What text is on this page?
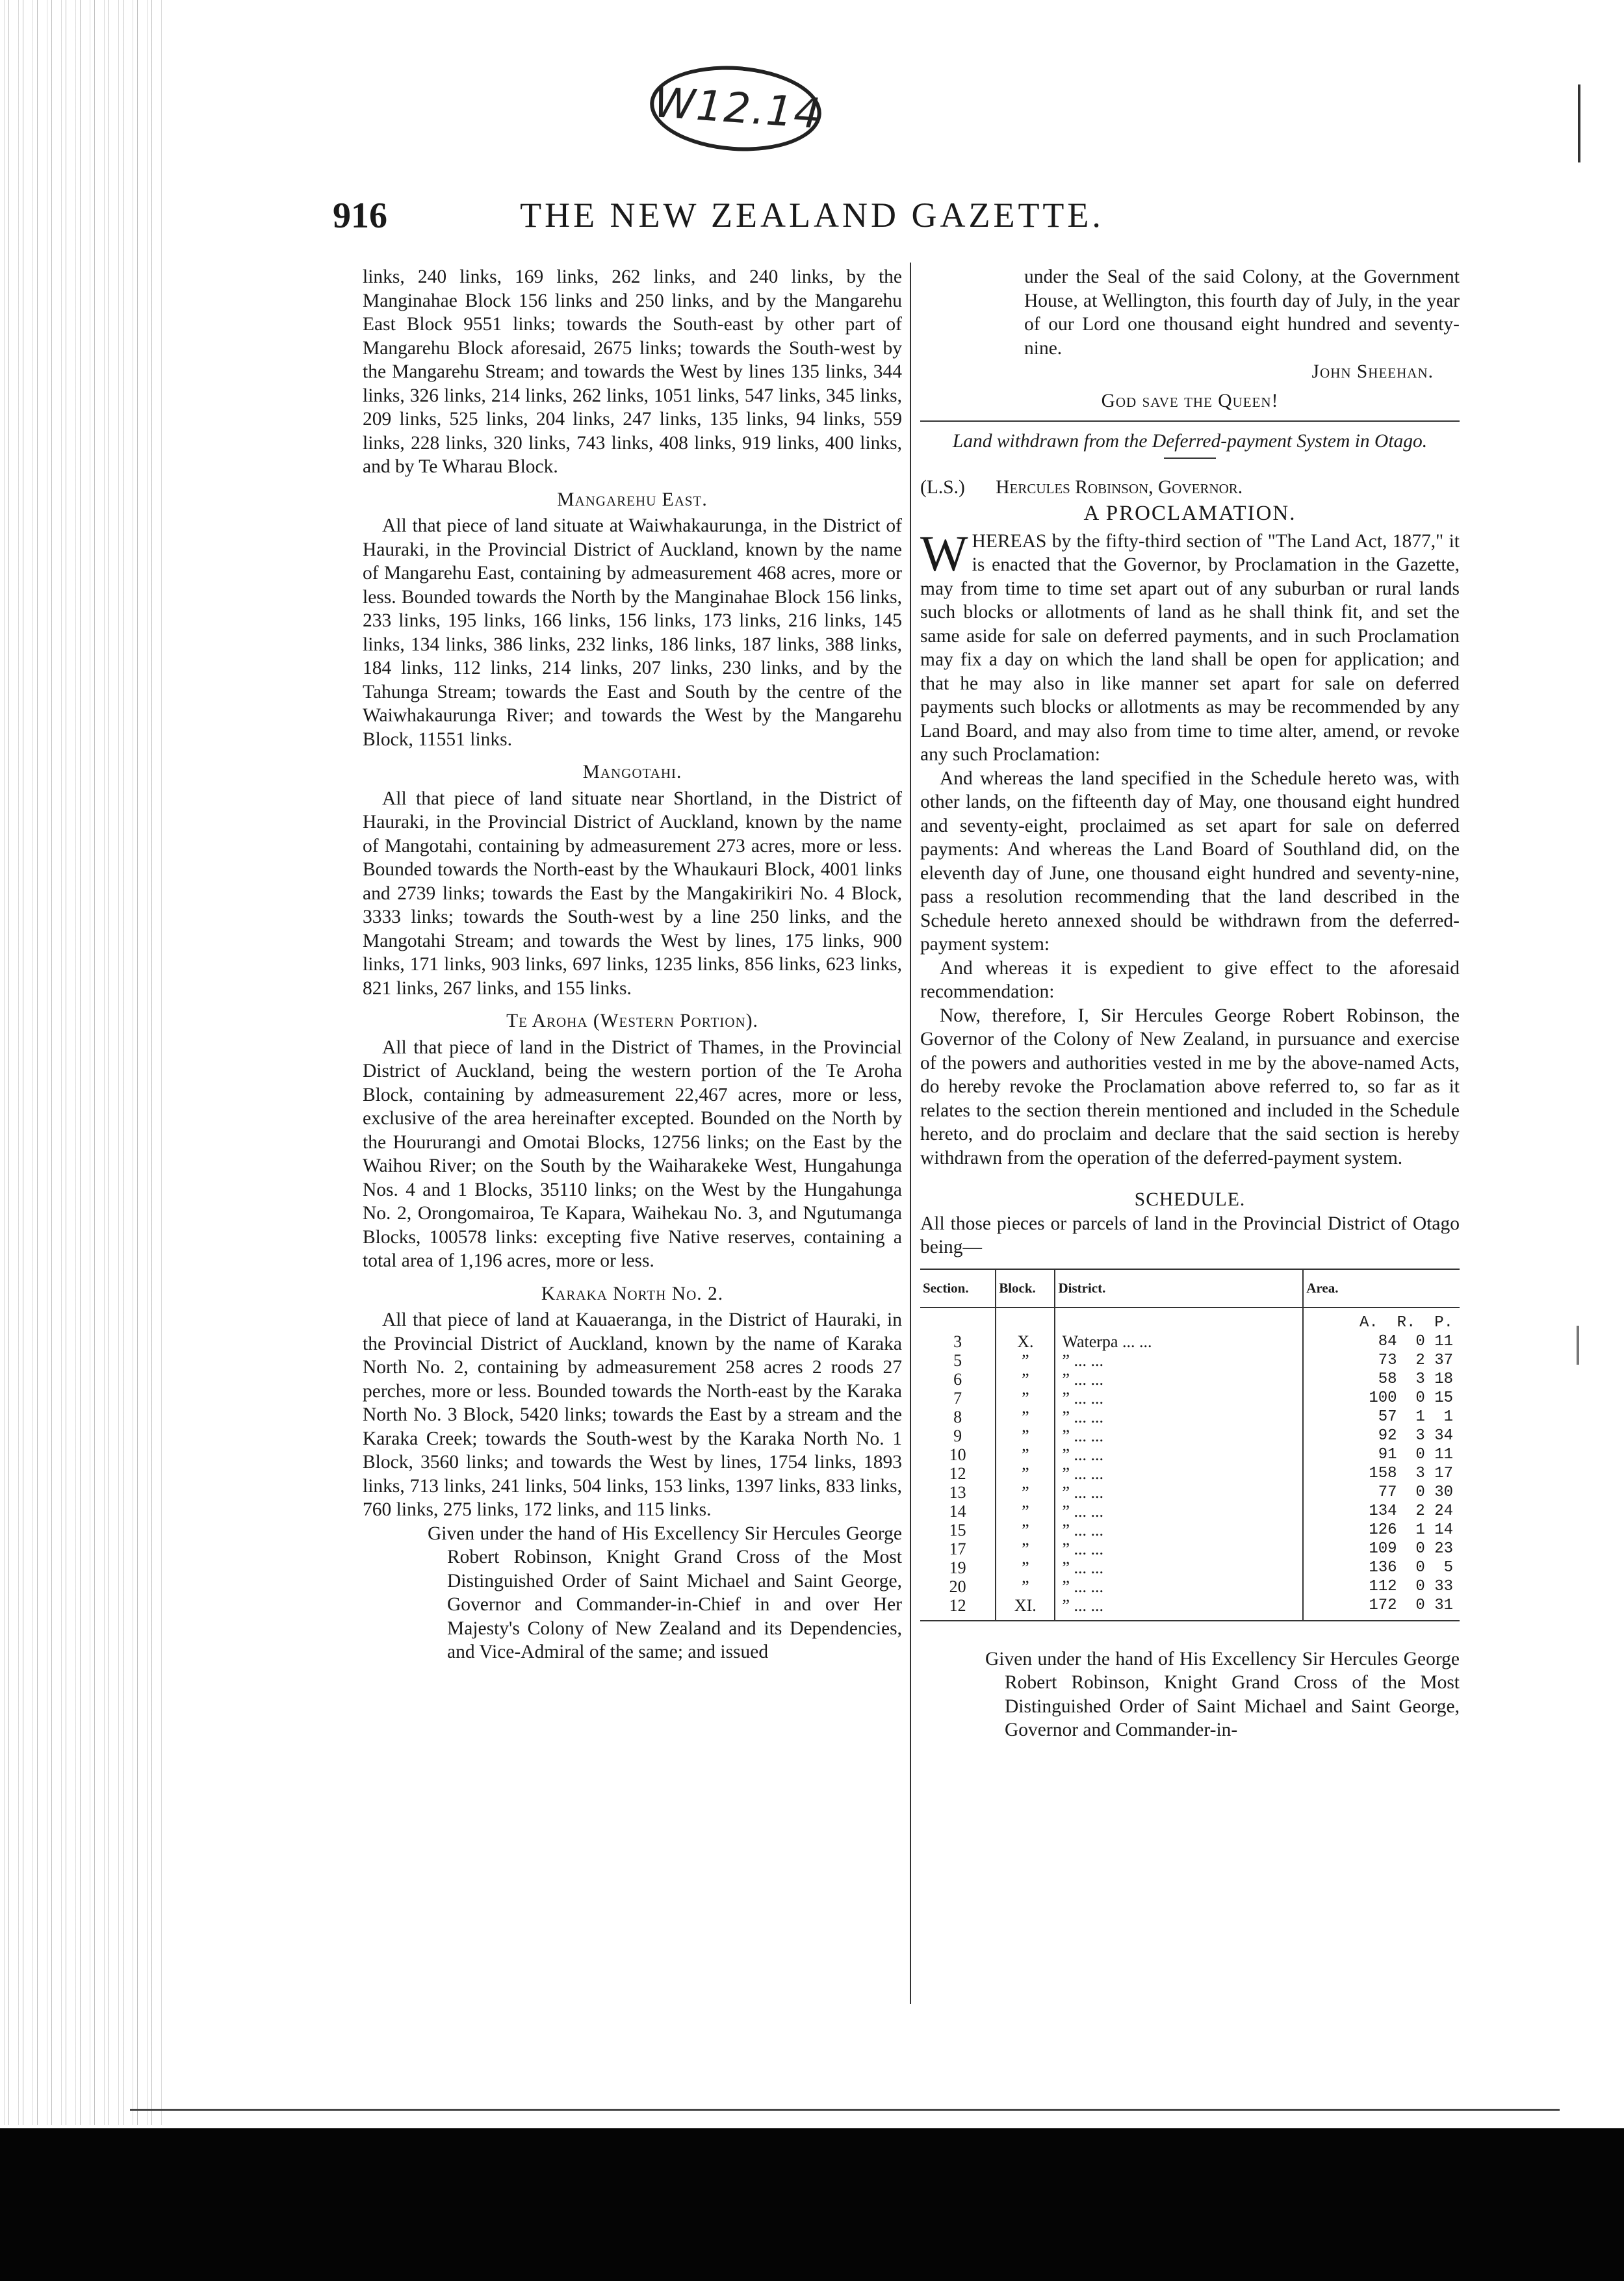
W12.14
THE NEW ZEALAND GAZETTE.
916

links, 240 links, 169 links, 262 links, and 240 links, by the Manginahae Block 156 links and 250 links, and by the Mangarehu East Block 9551 links; towards the South-east by other part of Mangarehu Block aforesaid, 2675 links; towards the South-west by the Mangarehu Stream; and towards the West by lines 135 links, 344 links, 326 links, 214 links, 262 links, 1051 links, 547 links, 345 links, 209 links, 525 links, 204 links, 247 links, 135 links, 94 links, 559 links, 228 links, 320 links, 743 links, 408 links, 919 links, 400 links, and by Te Wharau Block.

Mangarehu East.

All that piece of land situate at Waiwhakaurunga, in the District of Hauraki, in the Provincial District of Auckland, known by the name of Mangarehu East, containing by admeasurement 468 acres, more or less. Bounded towards the North by the Manginahae Block 156 links, 233 links, 195 links, 166 links, 156 links, 173 links, 216 links, 145 links, 134 links, 386 links, 232 links, 186 links, 187 links, 388 links, 184 links, 112 links, 214 links, 207 links, 230 links, and by the Tahunga Stream; towards the East and South by the centre of the Waiwhakaurunga River; and towards the West by the Mangarehu Block, 11551 links.

Mangotahi.

All that piece of land situate near Shortland, in the District of Hauraki, in the Provincial District of Auckland, known by the name of Mangotahi, containing by admeasurement 273 acres, more or less. Bounded towards the North-east by the Whaukauri Block, 4001 links and 2739 links; towards the East by the Mangakirikiri No. 4 Block, 3333 links; towards the South-west by a line 250 links, and the Mangotahi Stream; and towards the West by lines, 175 links, 900 links, 171 links, 903 links, 697 links, 1235 links, 856 links, 623 links, 821 links, 267 links, and 155 links.

Te Aroha (Western Portion).

All that piece of land in the District of Thames, in the Provincial District of Auckland, being the western portion of the Te Aroha Block, containing by admeasurement 22,467 acres, more or less, exclusive of the area hereinafter excepted. Bounded on the North by the Hoururangi and Omotai Blocks, 12756 links; on the East by the Waihou River; on the South by the Waiharakeke West, Hungahunga Nos. 4 and 1 Blocks, 35110 links; on the West by the Hungahunga No. 2, Orongomairoa, Te Kapara, Waihekau No. 3, and Ngutumanga Blocks, 100578 links: excepting five Native reserves, containing a total area of 1,196 acres, more or less.

Karaka North No. 2.

All that piece of land at Kauaeranga, in the District of Hauraki, in the Provincial District of Auckland, known by the name of Karaka North No. 2, containing by admeasurement 258 acres 2 roods 27 perches, more or less. Bounded towards the North-east by the Karaka North No. 3 Block, 5420 links; towards the East by a stream and the Karaka Creek; towards the South-west by the Karaka North No. 1 Block, 3560 links; and towards the West by lines, 1754 links, 1893 links, 713 links, 241 links, 504 links, 153 links, 1397 links, 833 links, 760 links, 275 links, 172 links, and 115 links.

Given under the hand of His Excellency Sir Hercules George Robert Robinson, Knight Grand Cross of the Most Distinguished Order of Saint Michael and Saint George, Governor and Commander-in-Chief in and over Her Majesty's Colony of New Zealand and its Dependencies, and Vice-Admiral of the same; and issued

under the Seal of the said Colony, at the Government House, at Wellington, this fourth day of July, in the year of our Lord one thousand eight hundred and seventy-nine.

John Sheehan.
God save the Queen!
Land withdrawn from the Deferred-payment System in Otago.

(L.S.) Hercules Robinson, Governor.

A PROCLAMATION.

WHEREAS by the fifty-third section of "The Land Act, 1877," it is enacted that the Governor, by Proclamation in the Gazette, may from time to time set apart out of any suburban or rural lands such blocks or allotments of land as he shall think fit, and set the same aside for sale on deferred payments, and in such Proclamation may fix a day on which the land shall be open for application; and that he may also in like manner set apart for sale on deferred payments such blocks or allotments as may be recommended by any Land Board, and may also from time to time alter, amend, or revoke any such Proclamation:

And whereas the land specified in the Schedule hereto was, with other lands, on the fifteenth day of May, one thousand eight hundred and seventy-eight, proclaimed as set apart for sale on deferred payments: And whereas the Land Board of Southland did, on the eleventh day of June, one thousand eight hundred and seventy-nine, pass a resolution recommending that the land described in the Schedule hereto annexed should be withdrawn from the deferred-payment system:

And whereas it is expedient to give effect to the aforesaid recommendation:

Now, therefore, I, Sir Hercules George Robert Robinson, the Governor of the Colony of New Zealand, in pursuance and exercise of the powers and authorities vested in me by the above-named Acts, do hereby revoke the Proclamation above referred to, so far as it relates to the section therein mentioned and included in the Schedule hereto, and do proclaim and declare that the said section is hereby withdrawn from the operation of the deferred-payment system.

SCHEDULE.

All those pieces or parcels of land in the Provincial District of Otago being—

Section.	Block.	District.	Area.
			A.  R.  P.
3	X.	Waterpa ... ...	84  0 11
5	”	” ... ...	73  2 37
6	”	” ... ...	58  3 18
7	”	” ... ...	100  0 15
8	”	” ... ...	57  1  1
9	”	” ... ...	92  3 34
10	”	” ... ...	91  0 11
12	”	” ... ...	158  3 17
13	”	” ... ...	77  0 30
14	”	” ... ...	134  2 24
15	”	” ... ...	126  1 14
17	”	” ... ...	109  0 23
19	”	” ... ...	136  0  5
20	”	” ... ...	112  0 33
12	XI.	” ... ...	172  0 31

Given under the hand of His Excellency Sir Hercules George Robert Robinson, Knight Grand Cross of the Most Distinguished Order of Saint Michael and Saint George, Governor and Commander-in-
